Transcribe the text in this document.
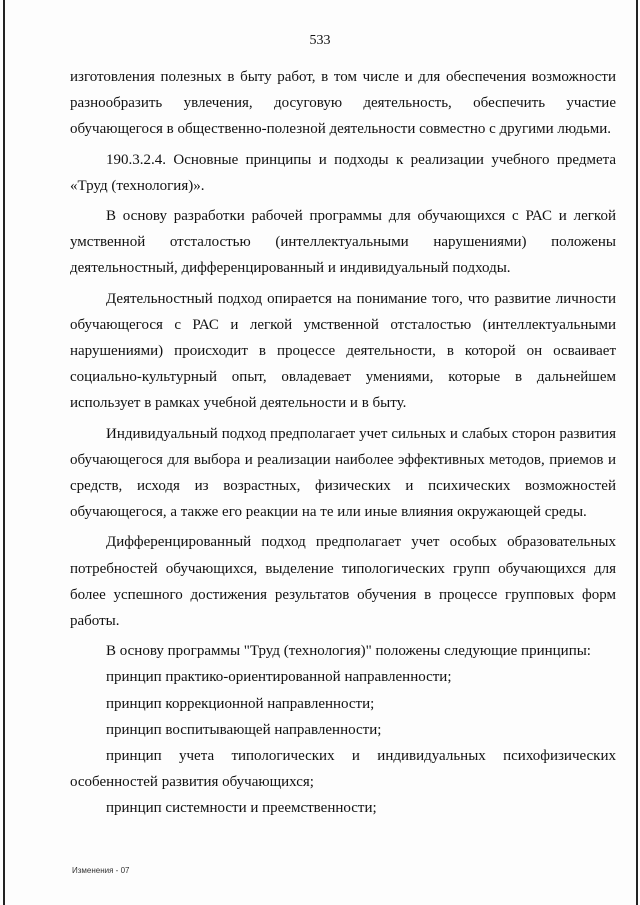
533

изготовления полезных в быту работ, в том числе и для обеспечения возможности разнообразить увлечения, досуговую деятельность, обеспечить участие обучающегося в общественно-полезной деятельности совместно с другими людьми.

190.3.2.4. Основные принципы и подходы к реализации учебного предмета «Труд (технология)».

В основу разработки рабочей программы для обучающихся с РАС и легкой умственной отсталостью (интеллектуальными нарушениями) положены деятельностный, дифференцированный и индивидуальный подходы.

Деятельностный подход опирается на понимание того, что развитие личности обучающегося с РАС и легкой умственной отсталостью (интеллектуальными нарушениями) происходит в процессе деятельности, в которой он осваивает социально-культурный опыт, овладевает умениями, которые в дальнейшем использует в рамках учебной деятельности и в быту.

Индивидуальный подход предполагает учет сильных и слабых сторон развития обучающегося для выбора и реализации наиболее эффективных методов, приемов и средств, исходя из возрастных, физических и психических возможностей обучающегося, а также его реакции на те или иные влияния окружающей среды.

Дифференцированный подход предполагает учет особых образовательных потребностей обучающихся, выделение типологических групп обучающихся для более успешного достижения результатов обучения в процессе групповых форм работы.

В основу программы "Труд (технология)" положены следующие принципы:

принцип практико-ориентированной направленности;

принцип коррекционной направленности;

принцип воспитывающей направленности;

принцип учета типологических и индивидуальных психофизических особенностей развития обучающихся;

принцип системности и преемственности;

Изменения - 07
